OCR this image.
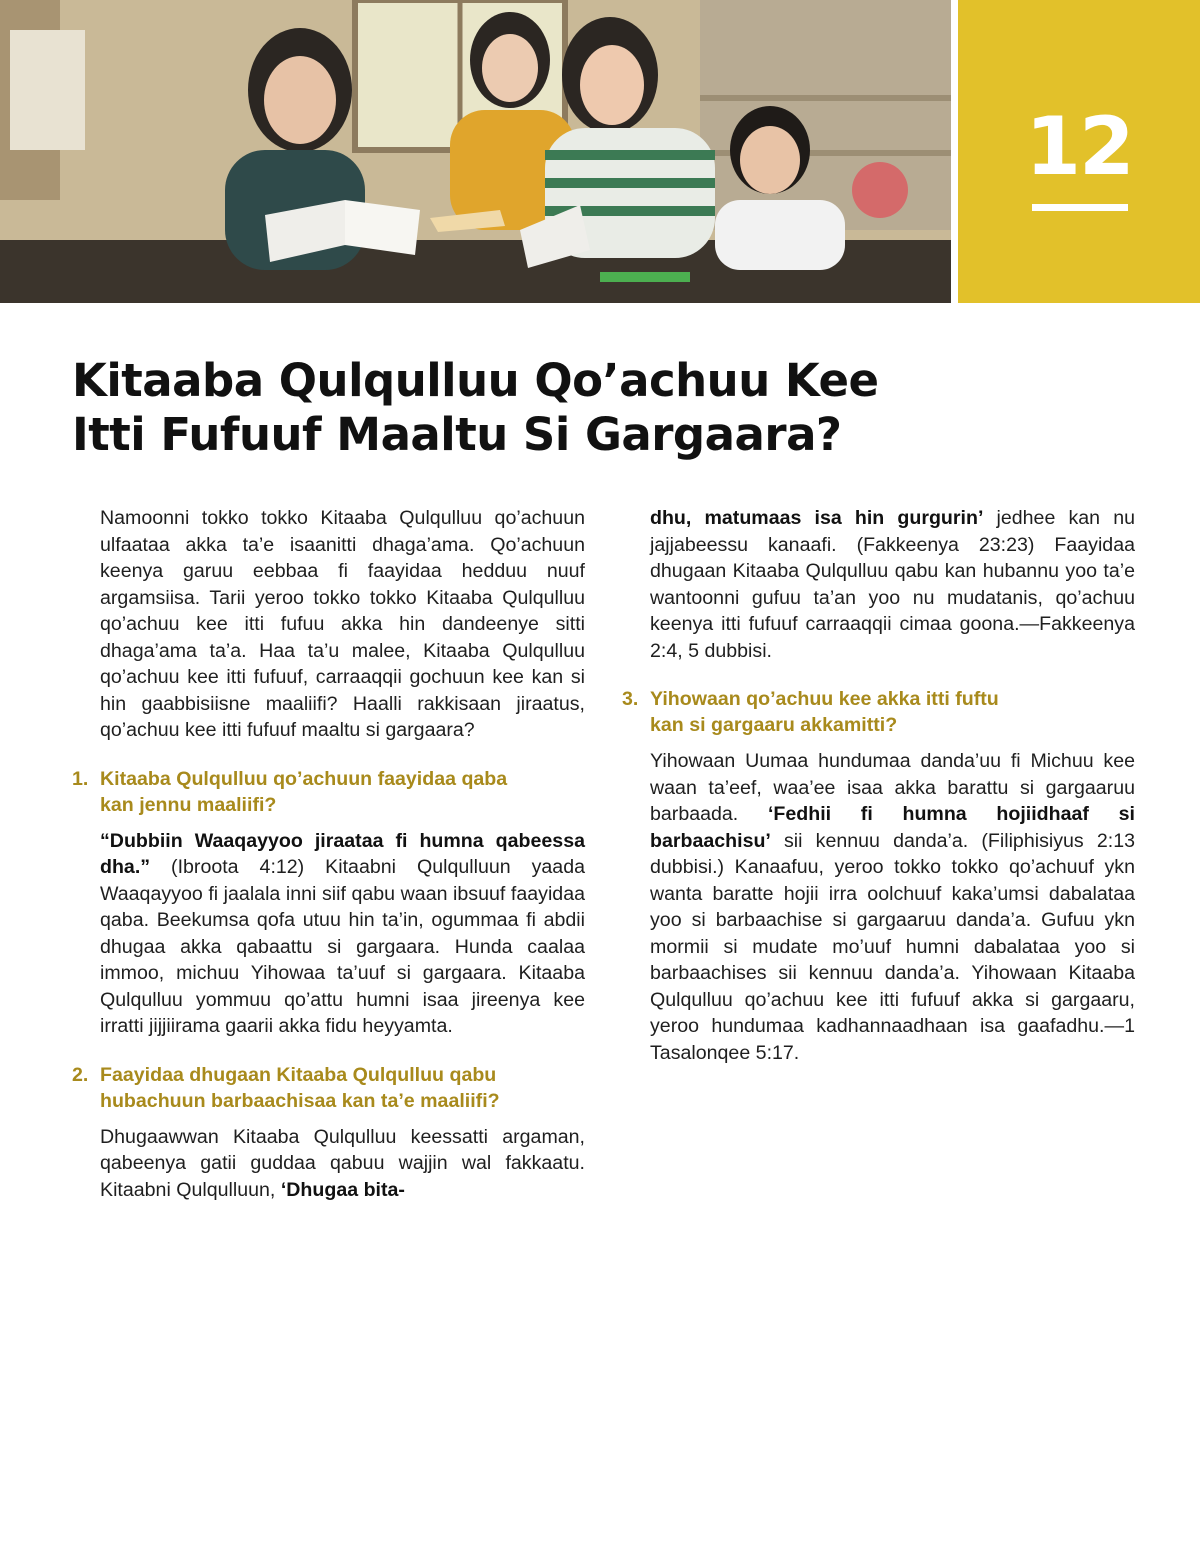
12
Kitaaba Qulqulluu Qo’achuu Kee
Itti Fufuuf Maaltu Si Gargaara?

Namoonni tokko tokko Kitaaba Qulqulluu qo’achuun ulfaataa akka ta’e isaanitti dhaga’ama. Qo’achuun keenya garuu eebbaa fi faayidaa hedduu nuuf argamsiisa. Tarii yeroo tokko tokko Kitaaba Qulqulluu qo’achuu kee itti fufuu akka hin dandeenye sitti dhaga’ama ta’a. Haa ta’u malee, Kitaaba Qulqulluu qo’achuu kee itti fufuuf, carraaqqii gochuun kee kan si hin gaabbisiisne maaliifi? Haalli rakkisaan jiraatus, qo’achuu kee itti fufuuf maaltu si gargaara?

1. Kitaaba Qulqulluu qo’achuun faayidaa qaba
kan jennu maaliifi?

“Dubbiin Waaqayyoo jiraataa fi humna qabeessa dha.” (Ibroota 4:12) Kitaabni Qulqulluun yaada Waaqayyoo fi jaalala inni siif qabu waan ibsuuf faayidaa qaba. Beekumsa qofa utuu hin ta’in, ogummaa fi abdii dhugaa akka qabaattu si gargaara. Hunda caalaa immoo, michuu Yihowaa ta’uuf si gargaara. Kitaaba Qulqulluu yommuu qo’attu humni isaa jireenya kee irratti jijjiirama gaarii akka fidu heyyamta.

2. Faayidaa dhugaan Kitaaba Qulqulluu qabu
hubachuun barbaachisaa kan ta’e maaliifi?

Dhugaawwan Kitaaba Qulqulluu keessatti argaman, qabeenya gatii guddaa qabuu wajjin wal fakkaatu. Kitaabni Qulqulluun, ‘Dhugaa bita-

dhu, matumaas isa hin gurgurin’ jedhee kan nu jajjabeessu kanaafi. (Fakkeenya 23:23) Faayidaa dhugaan Kitaaba Qulqulluu qabu kan hubannu yoo ta’e wantoonni gufuu ta’an yoo nu mudatanis, qo’achuu keenya itti fufuuf carraaqqii cimaa goona.—Fakkeenya 2:4, 5 dubbisi.

3. Yihowaan qo’achuu kee akka itti fuftu
kan si gargaaru akkamitti?

Yihowaan Uumaa hundumaa danda’uu fi Michuu kee waan ta’eef, waa’ee isaa akka barattu si gargaaruu barbaada. ‘Fedhii fi humna hojiidhaaf si barbaachisu’ sii kennuu danda’a. (Filiphisiyus 2:13 dubbisi.) Kanaafuu, yeroo tokko tokko qo’achuuf ykn wanta baratte hojii irra oolchuuf kaka’umsi dabalataa yoo si barbaachise si gargaaruu danda’a. Gufuu ykn mormii si mudate mo’uuf humni dabalataa yoo si barbaachises sii kennuu danda’a. Yihowaan Kitaaba Qulqulluu qo’achuu kee itti fufuuf akka si gargaaru, yeroo hundumaa kadhannaadhaan isa gaafadhu.—1 Tasalonqee 5:17.
